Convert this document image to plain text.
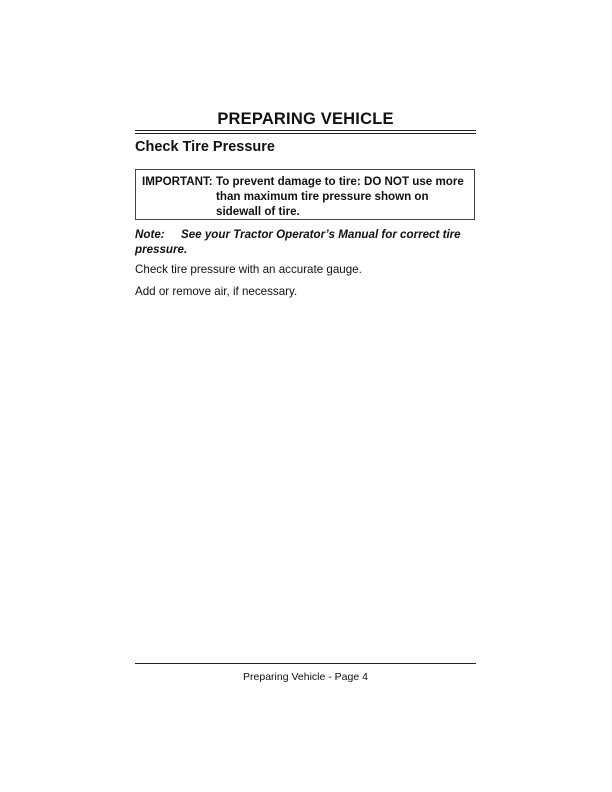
PREPARING VEHICLE
Check Tire Pressure
IMPORTANT: To prevent damage to tire: DO NOT use more than maximum tire pressure shown on sidewall of tire.

Note: See your Tractor Operator’s Manual for correct tire pressure.

Check tire pressure with an accurate gauge.

Add or remove air, if necessary.

Preparing Vehicle - Page 4
